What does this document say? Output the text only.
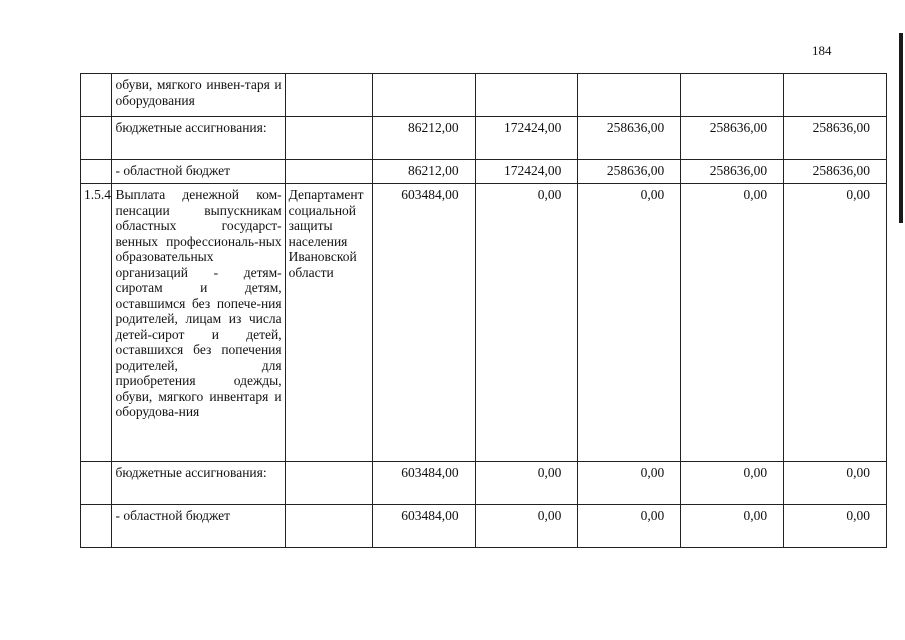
184
	обуви, мягкого инвен-таря и оборудования						
	бюджетные ассигнования:		86212,00	172424,00	258636,00	258636,00	258636,00
	- областной бюджет		86212,00	172424,00	258636,00	258636,00	258636,00
1.5.4	Выплата денежной ком-пенсации выпускникам областных государст-венных профессиональ-ных образовательных организаций - детям-сиротам и детям, оставшимся без попече-ния родителей, лицам из числа детей-сирот и детей, оставшихся без попечения родителей, для приобретения одежды, обуви, мягкого инвентаря и оборудова-ния	Департамент социальной защиты населения Ивановской области	603484,00	0,00	0,00	0,00	0,00
	бюджетные ассигнования:		603484,00	0,00	0,00	0,00	0,00
	- областной бюджет		603484,00	0,00	0,00	0,00	0,00
